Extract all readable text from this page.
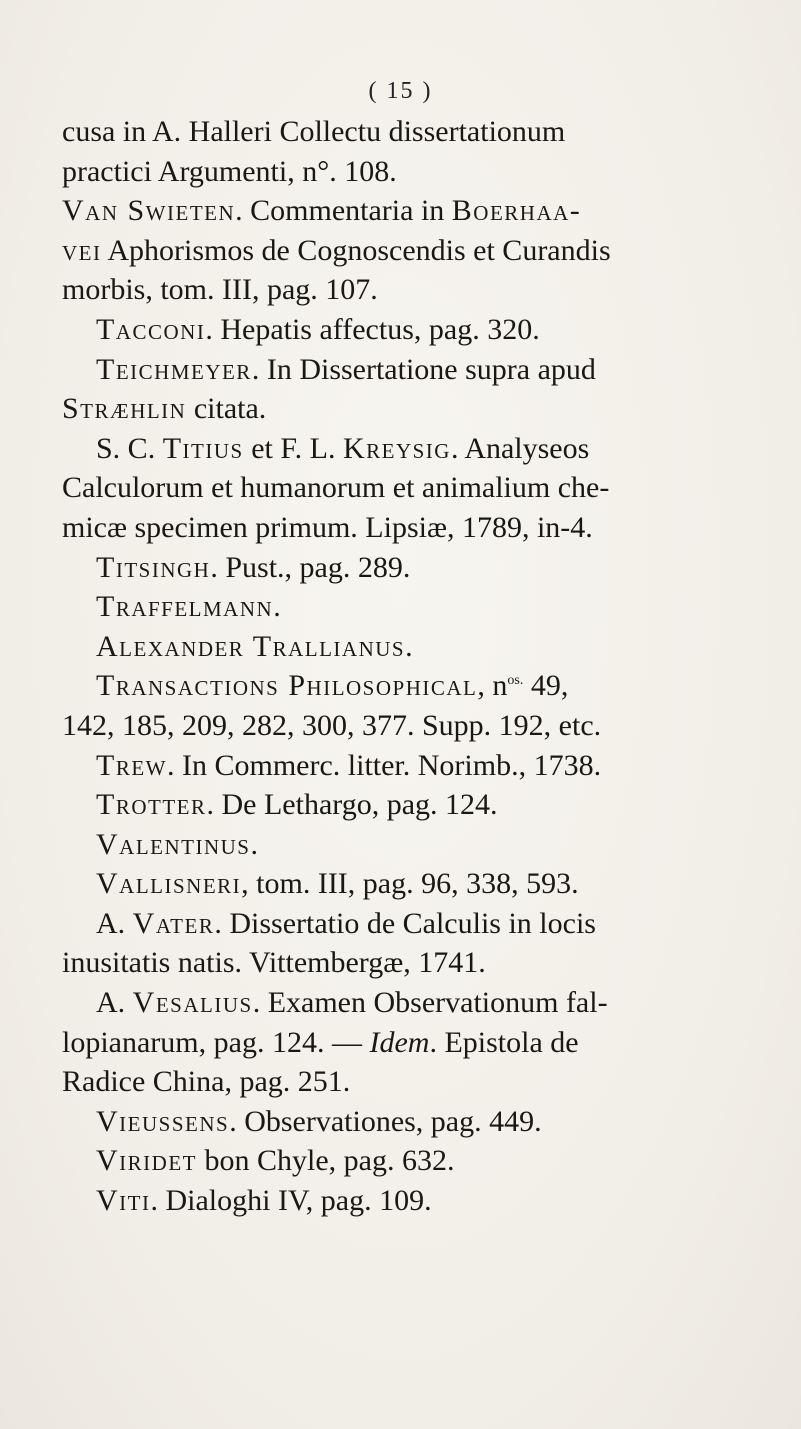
( 15 )
cusa in A. Halleri Collectu dissertationum
practici Argumenti, n°. 108.
Van Swieten. Commentaria in Boerhaa-
vei Aphorismos de Cognoscendis et Curandis
morbis, tom. III, pag. 107.
Tacconi. Hepatis affectus, pag. 320.
Teichmeyer. In Dissertatione supra apud
Stræhlin citata.
S. C. Titius et F. L. Kreysig. Analyseos
Calculorum et humanorum et animalium che-
micæ specimen primum. Lipsiæ, 1789, in-4.
Titsingh. Pust., pag. 289.
Traffelmann.
Alexander Trallianus.
Transactions Philosophical, $n^{os.}$ 49,
142, 185, 209, 282, 300, 377. Supp. 192, etc.
Trew. In Commerc. litter. Norimb., 1738.
Trotter. De Lethargo, pag. 124.
Valentinus.
Vallisneri, tom. III, pag. 96, 338, 593.
A. Vater. Dissertatio de Calculis in locis
inusitatis natis. Vittembergæ, 1741.
A. Vesalius. Examen Observationum fal-
lopianarum, pag. 124. — Idem. Epistola de
Radice China, pag. 251.
Vieussens. Observationes, pag. 449.
Viridet bon Chyle, pag. 632.
Viti. Dialoghi IV, pag. 109.
